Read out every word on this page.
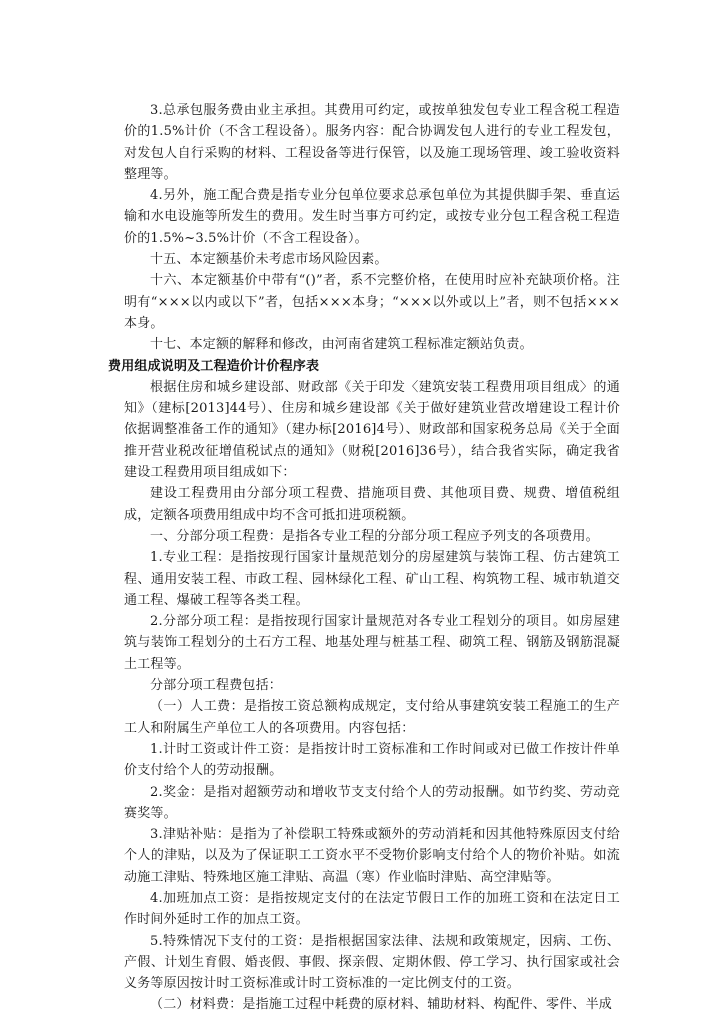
3.总承包服务费由业主承担。其费用可约定，或按单独发包专业工程含税工程造价的1.5%计价（不含工程设备）。服务内容：配合协调发包人进行的专业工程发包，对发包人自行采购的材料、工程设备等进行保管，以及施工现场管理、竣工验收资料整理等。

4.另外，施工配合费是指专业分包单位要求总承包单位为其提供脚手架、垂直运输和水电设施等所发生的费用。发生时当事方可约定，或按专业分包工程含税工程造价的1.5%~3.5%计价（不含工程设备）。

十五、本定额基价未考虑市场风险因素。

十六、本定额基价中带有“()”者，系不完整价格，在使用时应补充缺项价格。注明有“×××以内或以下”者，包括×××本身；“×××以外或以上”者，则不包括×××本身。

十七、本定额的解释和修改，由河南省建筑工程标准定额站负责。

费用组成说明及工程造价计价程序表

根据住房和城乡建设部、财政部《关于印发〈建筑安装工程费用项目组成〉的通知》（建标[2013]44号）、住房和城乡建设部《关于做好建筑业营改增建设工程计价依据调整准备工作的通知》（建办标[2016]4号）、财政部和国家税务总局《关于全面推开营业税改征增值税试点的通知》（财税[2016]36号），结合我省实际，确定我省建设工程费用项目组成如下：

建设工程费用由分部分项工程费、措施项目费、其他项目费、规费、增值税组成，定额各项费用组成中均不含可抵扣进项税额。

一、分部分项工程费：是指各专业工程的分部分项工程应予列支的各项费用。

1.专业工程：是指按现行国家计量规范划分的房屋建筑与装饰工程、仿古建筑工程、通用安装工程、市政工程、园林绿化工程、矿山工程、构筑物工程、城市轨道交通工程、爆破工程等各类工程。

2.分部分项工程：是指按现行国家计量规范对各专业工程划分的项目。如房屋建筑与装饰工程划分的土石方工程、地基处理与桩基工程、砌筑工程、钢筋及钢筋混凝土工程等。

分部分项工程费包括：

（一）人工费：是指按工资总额构成规定，支付给从事建筑安装工程施工的生产工人和附属生产单位工人的各项费用。内容包括：

1.计时工资或计件工资：是指按计时工资标准和工作时间或对已做工作按计件单价支付给个人的劳动报酬。

2.奖金：是指对超额劳动和增收节支支付给个人的劳动报酬。如节约奖、劳动竞赛奖等。

3.津贴补贴：是指为了补偿职工特殊或额外的劳动消耗和因其他特殊原因支付给个人的津贴，以及为了保证职工工资水平不受物价影响支付给个人的物价补贴。如流动施工津贴、特殊地区施工津贴、高温（寒）作业临时津贴、高空津贴等。

4.加班加点工资：是指按规定支付的在法定节假日工作的加班工资和在法定日工作时间外延时工作的加点工资。

5.特殊情况下支付的工资：是指根据国家法律、法规和政策规定，因病、工伤、产假、计划生育假、婚丧假、事假、探亲假、定期休假、停工学习、执行国家或社会义务等原因按计时工资标准或计时工资标准的一定比例支付的工资。

（二）材料费：是指施工过程中耗费的原材料、辅助材料、构配件、零件、半成
